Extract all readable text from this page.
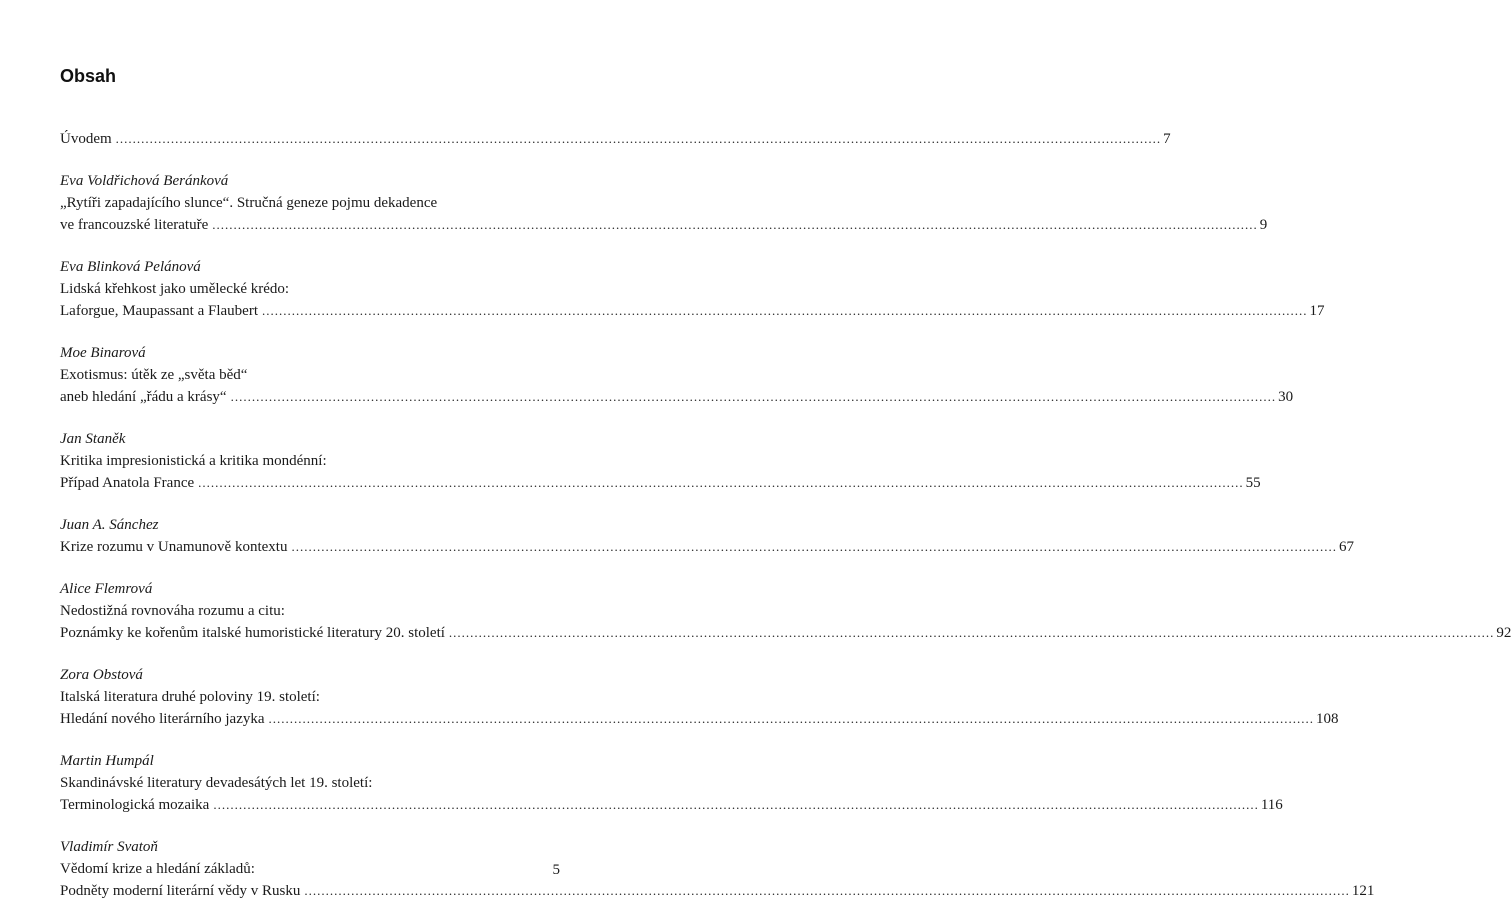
Obsah
Úvodem ...................................................................................................................................................................................................................................................... 7
Eva Voldřichová Beránková
„Rytíři zapadajícího slunce“. Stručná geneze pojmu dekadence
ve francouzské literatuře ...................................................................................................................................................................................................................................................... 9
Eva Blinková Pelánová
Lidská křehkost jako umělecké krédo:
Laforgue, Maupassant a Flaubert ...................................................................................................................................................................................................................................................... 17
Moe Binarová
Exotismus: útěk ze „světa běd“
aneb hledání „řádu a krásy“ ...................................................................................................................................................................................................................................................... 30
Jan Staněk
Kritika impresionistická a kritika mondénní:
Případ Anatola France ...................................................................................................................................................................................................................................................... 55
Juan A. Sánchez
Krize rozumu v Unamunově kontextu ...................................................................................................................................................................................................................................................... 67
Alice Flemrová
Nedostižná rovnováha rozumu a citu:
Poznámky ke kořenům italské humoristické literatury 20. století ...................................................................................................................................................................................................................................................... 92
Zora Obstová
Italská literatura druhé poloviny 19. století:
Hledání nového literárního jazyka ...................................................................................................................................................................................................................................................... 108
Martin Humpál
Skandinávské literatury devadesátých let 19. století:
Terminologická mozaika ...................................................................................................................................................................................................................................................... 116
Vladimír Svatoň
Vědomí krize a hledání základů:
Podněty moderní literární vědy v Rusku ...................................................................................................................................................................................................................................................... 121
5
